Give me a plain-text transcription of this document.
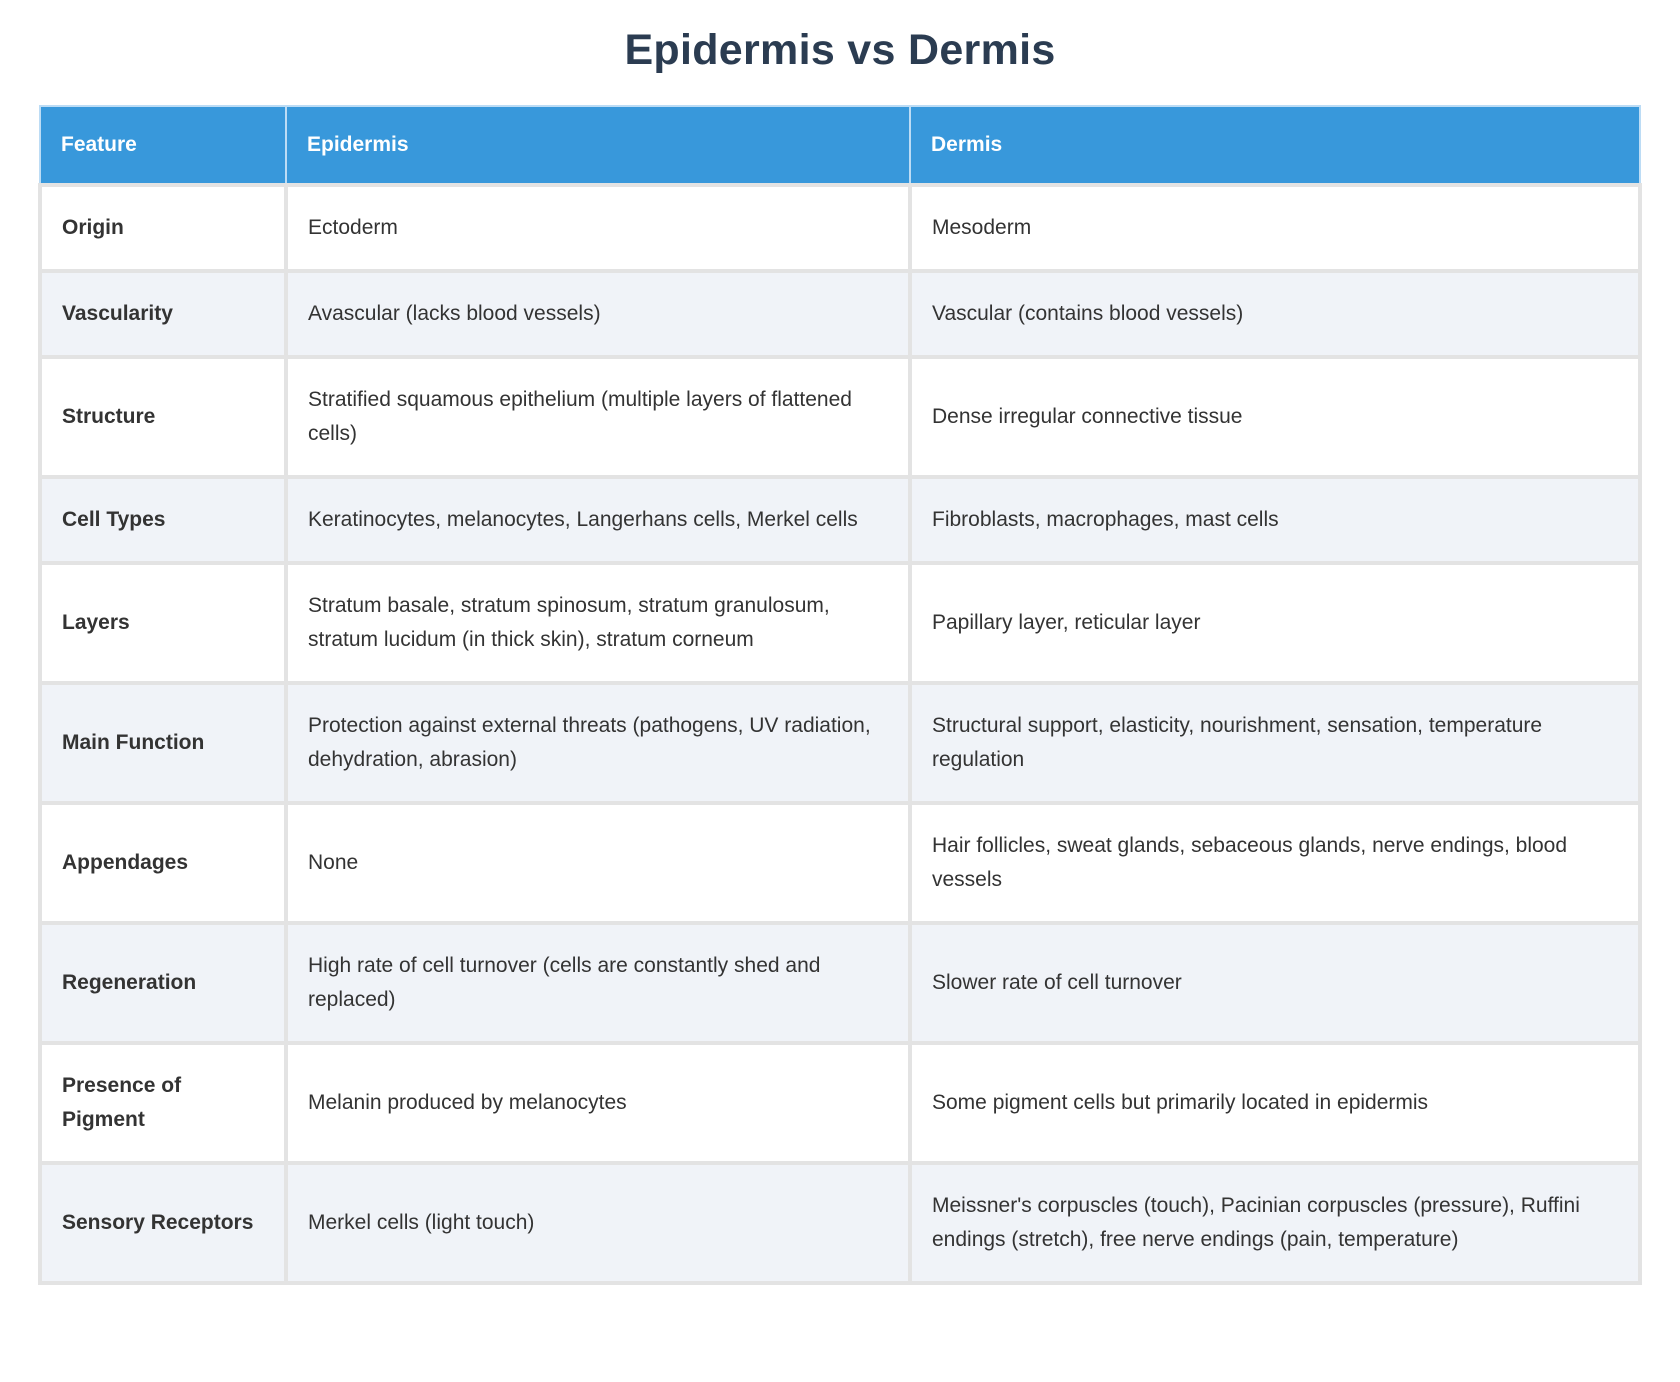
Epidermis vs Dermis
Feature	Epidermis	Dermis
Origin	Ectoderm	Mesoderm
Vascularity	Avascular (lacks blood vessels)	Vascular (contains blood vessels)
Structure	Stratified squamous epithelium (multiple layers of flattened cells)	Dense irregular connective tissue
Cell Types	Keratinocytes, melanocytes, Langerhans cells, Merkel cells	Fibroblasts, macrophages, mast cells
Layers	Stratum basale, stratum spinosum, stratum granulosum, stratum lucidum (in thick skin), stratum corneum	Papillary layer, reticular layer
Main Function	Protection against external threats (pathogens, UV radiation, dehydration, abrasion)	Structural support, elasticity, nourishment, sensation, temperature regulation
Appendages	None	Hair follicles, sweat glands, sebaceous glands, nerve endings, blood vessels
Regeneration	High rate of cell turnover (cells are constantly shed and replaced)	Slower rate of cell turnover
Presence of Pigment	Melanin produced by melanocytes	Some pigment cells but primarily located in epidermis
Sensory Receptors	Merkel cells (light touch)	Meissner's corpuscles (touch), Pacinian corpuscles (pressure), Ruffini endings (stretch), free nerve endings (pain, temperature)
